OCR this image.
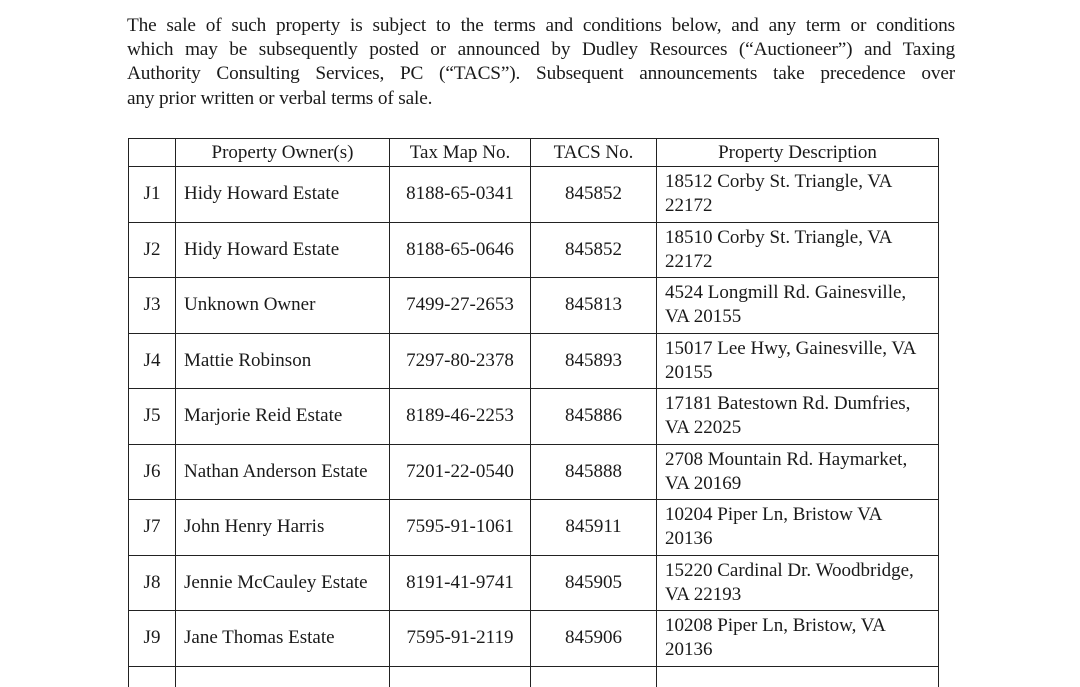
The sale of such property is subject to the terms and conditions below, and any term or conditions
which may be subsequently posted or announced by Dudley Resources (“Auctioneer”) and Taxing
Authority Consulting Services, PC (“TACS”). Subsequent announcements take precedence over
any prior written or verbal terms of sale.
	Property Owner(s)	Tax Map No.	TACS No.	Property Description
J1	Hidy Howard Estate	8188-65-0341	845852	18512 Corby St. Triangle, VA 22172
J2	Hidy Howard Estate	8188-65-0646	845852	18510 Corby St. Triangle, VA 22172
J3	Unknown Owner	7499-27-2653	845813	4524 Longmill Rd. Gainesville, VA 20155
J4	Mattie Robinson	7297-80-2378	845893	15017 Lee Hwy, Gainesville, VA 20155
J5	Marjorie Reid Estate	8189-46-2253	845886	17181 Batestown Rd. Dumfries, VA 22025
J6	Nathan Anderson Estate	7201-22-0540	845888	2708 Mountain Rd. Haymarket, VA 20169
J7	John Henry Harris	7595-91-1061	845911	10204 Piper Ln, Bristow VA 20136
J8	Jennie McCauley Estate	8191-41-9741	845905	15220 Cardinal Dr. Woodbridge, VA 22193
J9	Jane Thomas Estate	7595-91-2119	845906	10208 Piper Ln, Bristow, VA 20136
